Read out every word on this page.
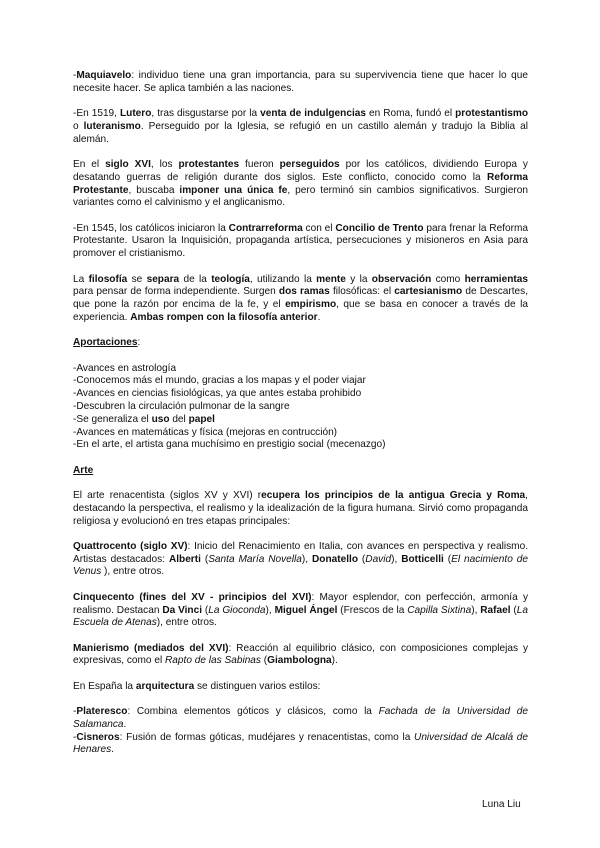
-Maquiavelo: individuo tiene una gran importancia, para su supervivencia tiene que hacer lo que necesite hacer. Se aplica también a las naciones.

-En 1519, Lutero, tras disgustarse por la venta de indulgencias en Roma, fundó el protestantismo o luteranismo. Perseguido por la Iglesia, se refugió en un castillo alemán y tradujo la Biblia al alemán.

En el siglo XVI, los protestantes fueron perseguidos por los católicos, dividiendo Europa y desatando guerras de religión durante dos siglos. Este conflicto, conocido como la Reforma Protestante, buscaba imponer una única fe, pero terminó sin cambios significativos. Surgieron variantes como el calvinismo y el anglicanismo.

-En 1545, los católicos iniciaron la Contrarreforma con el Concilio de Trento para frenar la Reforma Protestante. Usaron la Inquisición, propaganda artística, persecuciones y misioneros en Asia para promover el cristianismo.

La filosofía se separa de la teología, utilizando la mente y la observación como herramientas para pensar de forma independiente. Surgen dos ramas filosóficas: el cartesianismo de Descartes, que pone la razón por encima de la fe, y el empirismo, que se basa en conocer a través de la experiencia. Ambas rompen con la filosofía anterior.

Aportaciones:

-Avances en astrología

-Conocemos más el mundo, gracias a los mapas y el poder viajar

-Avances en ciencias fisiológicas, ya que antes estaba prohibido

-Descubren la circulación pulmonar de la sangre

-Se generaliza el uso del papel

-Avances en matemáticas y física (mejoras en contrucción)

-En el arte, el artista gana muchísimo en prestigio social (mecenazgo)

Arte

El arte renacentista (siglos XV y XVI) recupera los principios de la antigua Grecia y Roma, destacando la perspectiva, el realismo y la idealización de la figura humana. Sirvió como propaganda religiosa y evolucionó en tres etapas principales:

Quattrocento (siglo XV): Inicio del Renacimiento en Italia, con avances en perspectiva y realismo. Artistas destacados: Alberti (Santa María Novella), Donatello (David), Botticelli (El nacimiento de Venus ), entre otros.

Cinquecento (fines del XV - principios del XVI): Mayor esplendor, con perfección, armonía y realismo. Destacan Da Vinci (La Gioconda), Miguel Ángel (Frescos de la Capilla Sixtina), Rafael (La Escuela de Atenas), entre otros.

Manierismo (mediados del XVI): Reacción al equilibrio clásico, con composiciones complejas y expresivas, como el Rapto de las Sabinas (Giambologna).

En España la arquitectura se distinguen varios estilos:

-Plateresco: Combina elementos góticos y clásicos, como la Fachada de la Universidad de Salamanca.

-Cisneros: Fusión de formas góticas, mudéjares y renacentistas, como la Universidad de Alcalá de Henares.

Luna Liu
